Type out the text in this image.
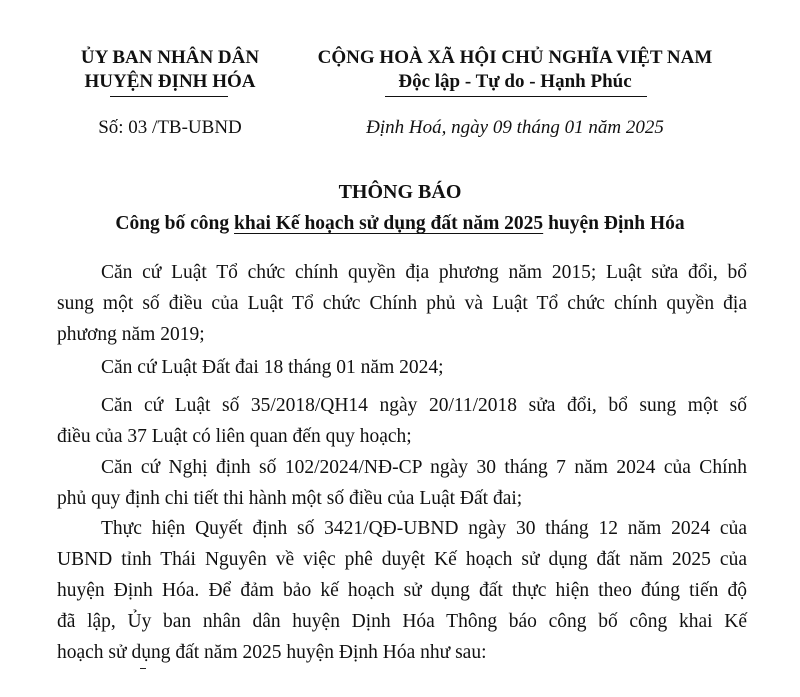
ỦY BAN NHÂN DÂN
HUYỆN ĐỊNH HÓA
CỘNG HOÀ XÃ HỘI CHỦ NGHĨA VIỆT NAM
Độc lập - Tự do - Hạnh Phúc
Số: 03 /TB-UBND	Định Hoá, ngày 09 tháng 01 năm 2025
THÔNG BÁO
Công bố công khai Kế hoạch sử dụng đất năm 2025 huyện Định Hóa
Căn cứ Luật Tổ chức chính quyền địa phương năm 2015; Luật sửa đổi, bổ
sung một số điều của Luật Tổ chức Chính phủ và Luật Tổ chức chính quyền địa
phương năm 2019;
Căn cứ Luật Đất đai 18 tháng 01 năm 2024;
Căn cứ Luật số 35/2018/QH14 ngày 20/11/2018 sửa đổi, bổ sung một số
điều của 37 Luật có liên quan đến quy hoạch;
Căn cứ Nghị định số 102/2024/NĐ-CP ngày 30 tháng 7 năm 2024 của Chính
phủ quy định chi tiết thi hành một số điều của Luật Đất đai;
Thực hiện Quyết định số 3421/QĐ-UBND ngày 30 tháng 12 năm 2024 của
UBND tỉnh Thái Nguyên về việc phê duyệt Kế hoạch sử dụng đất năm 2025 của
huyện Định Hóa. Để đảm bảo kế hoạch sử dụng đất thực hiện theo đúng tiến độ
đã lập, Ủy ban nhân dân huyện Dịnh Hóa Thông báo công bố công khai Kế
hoạch sử dụng đất năm 2025 huyện Định Hóa như sau:
